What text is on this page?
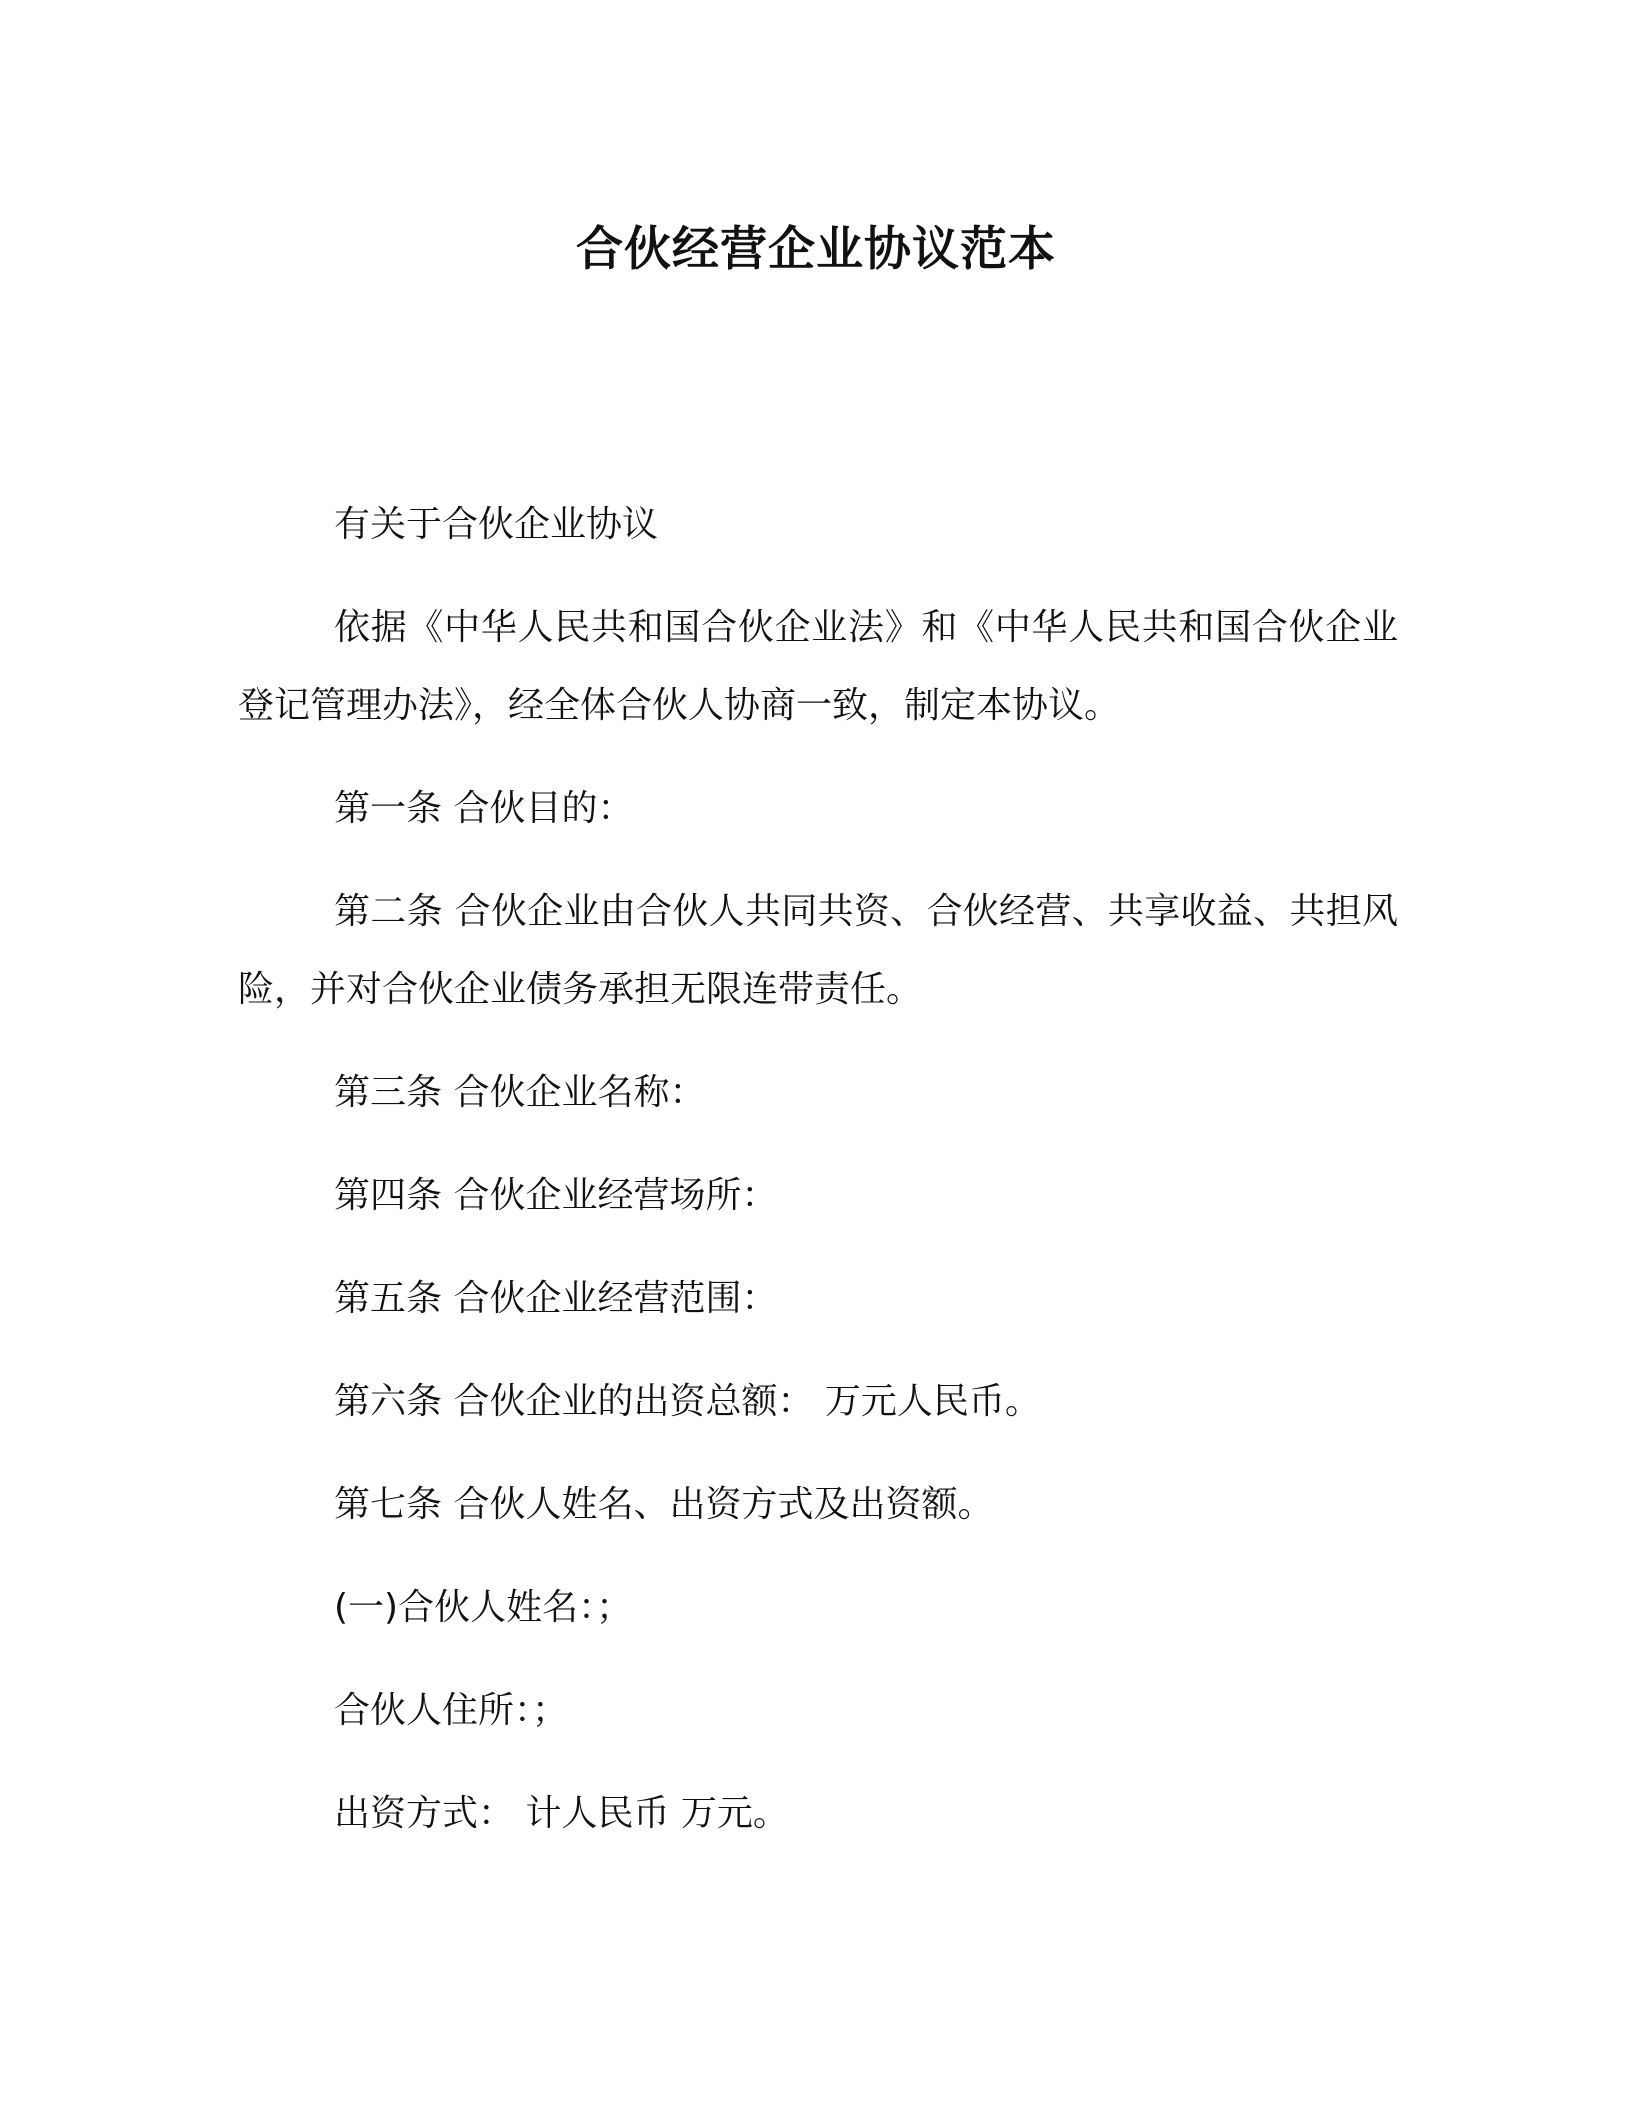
合伙经营企业协议范本

有关于合伙企业协议

依据《中华人民共和国合伙企业法》和《中华人民共和国合伙企业登记管理办法》，经全体合伙人协商一致，制定本协议。

第一条 合伙目的：

第二条 合伙企业由合伙人共同共资、合伙经营、共享收益、共担风险，并对合伙企业债务承担无限连带责任。

第三条 合伙企业名称：

第四条 合伙企业经营场所：

第五条 合伙企业经营范围：

第六条 合伙企业的出资总额： 万元人民币。

第七条 合伙人姓名、出资方式及出资额。

(一)合伙人姓名：；

合伙人住所：；

出资方式： 计人民币 万元。
